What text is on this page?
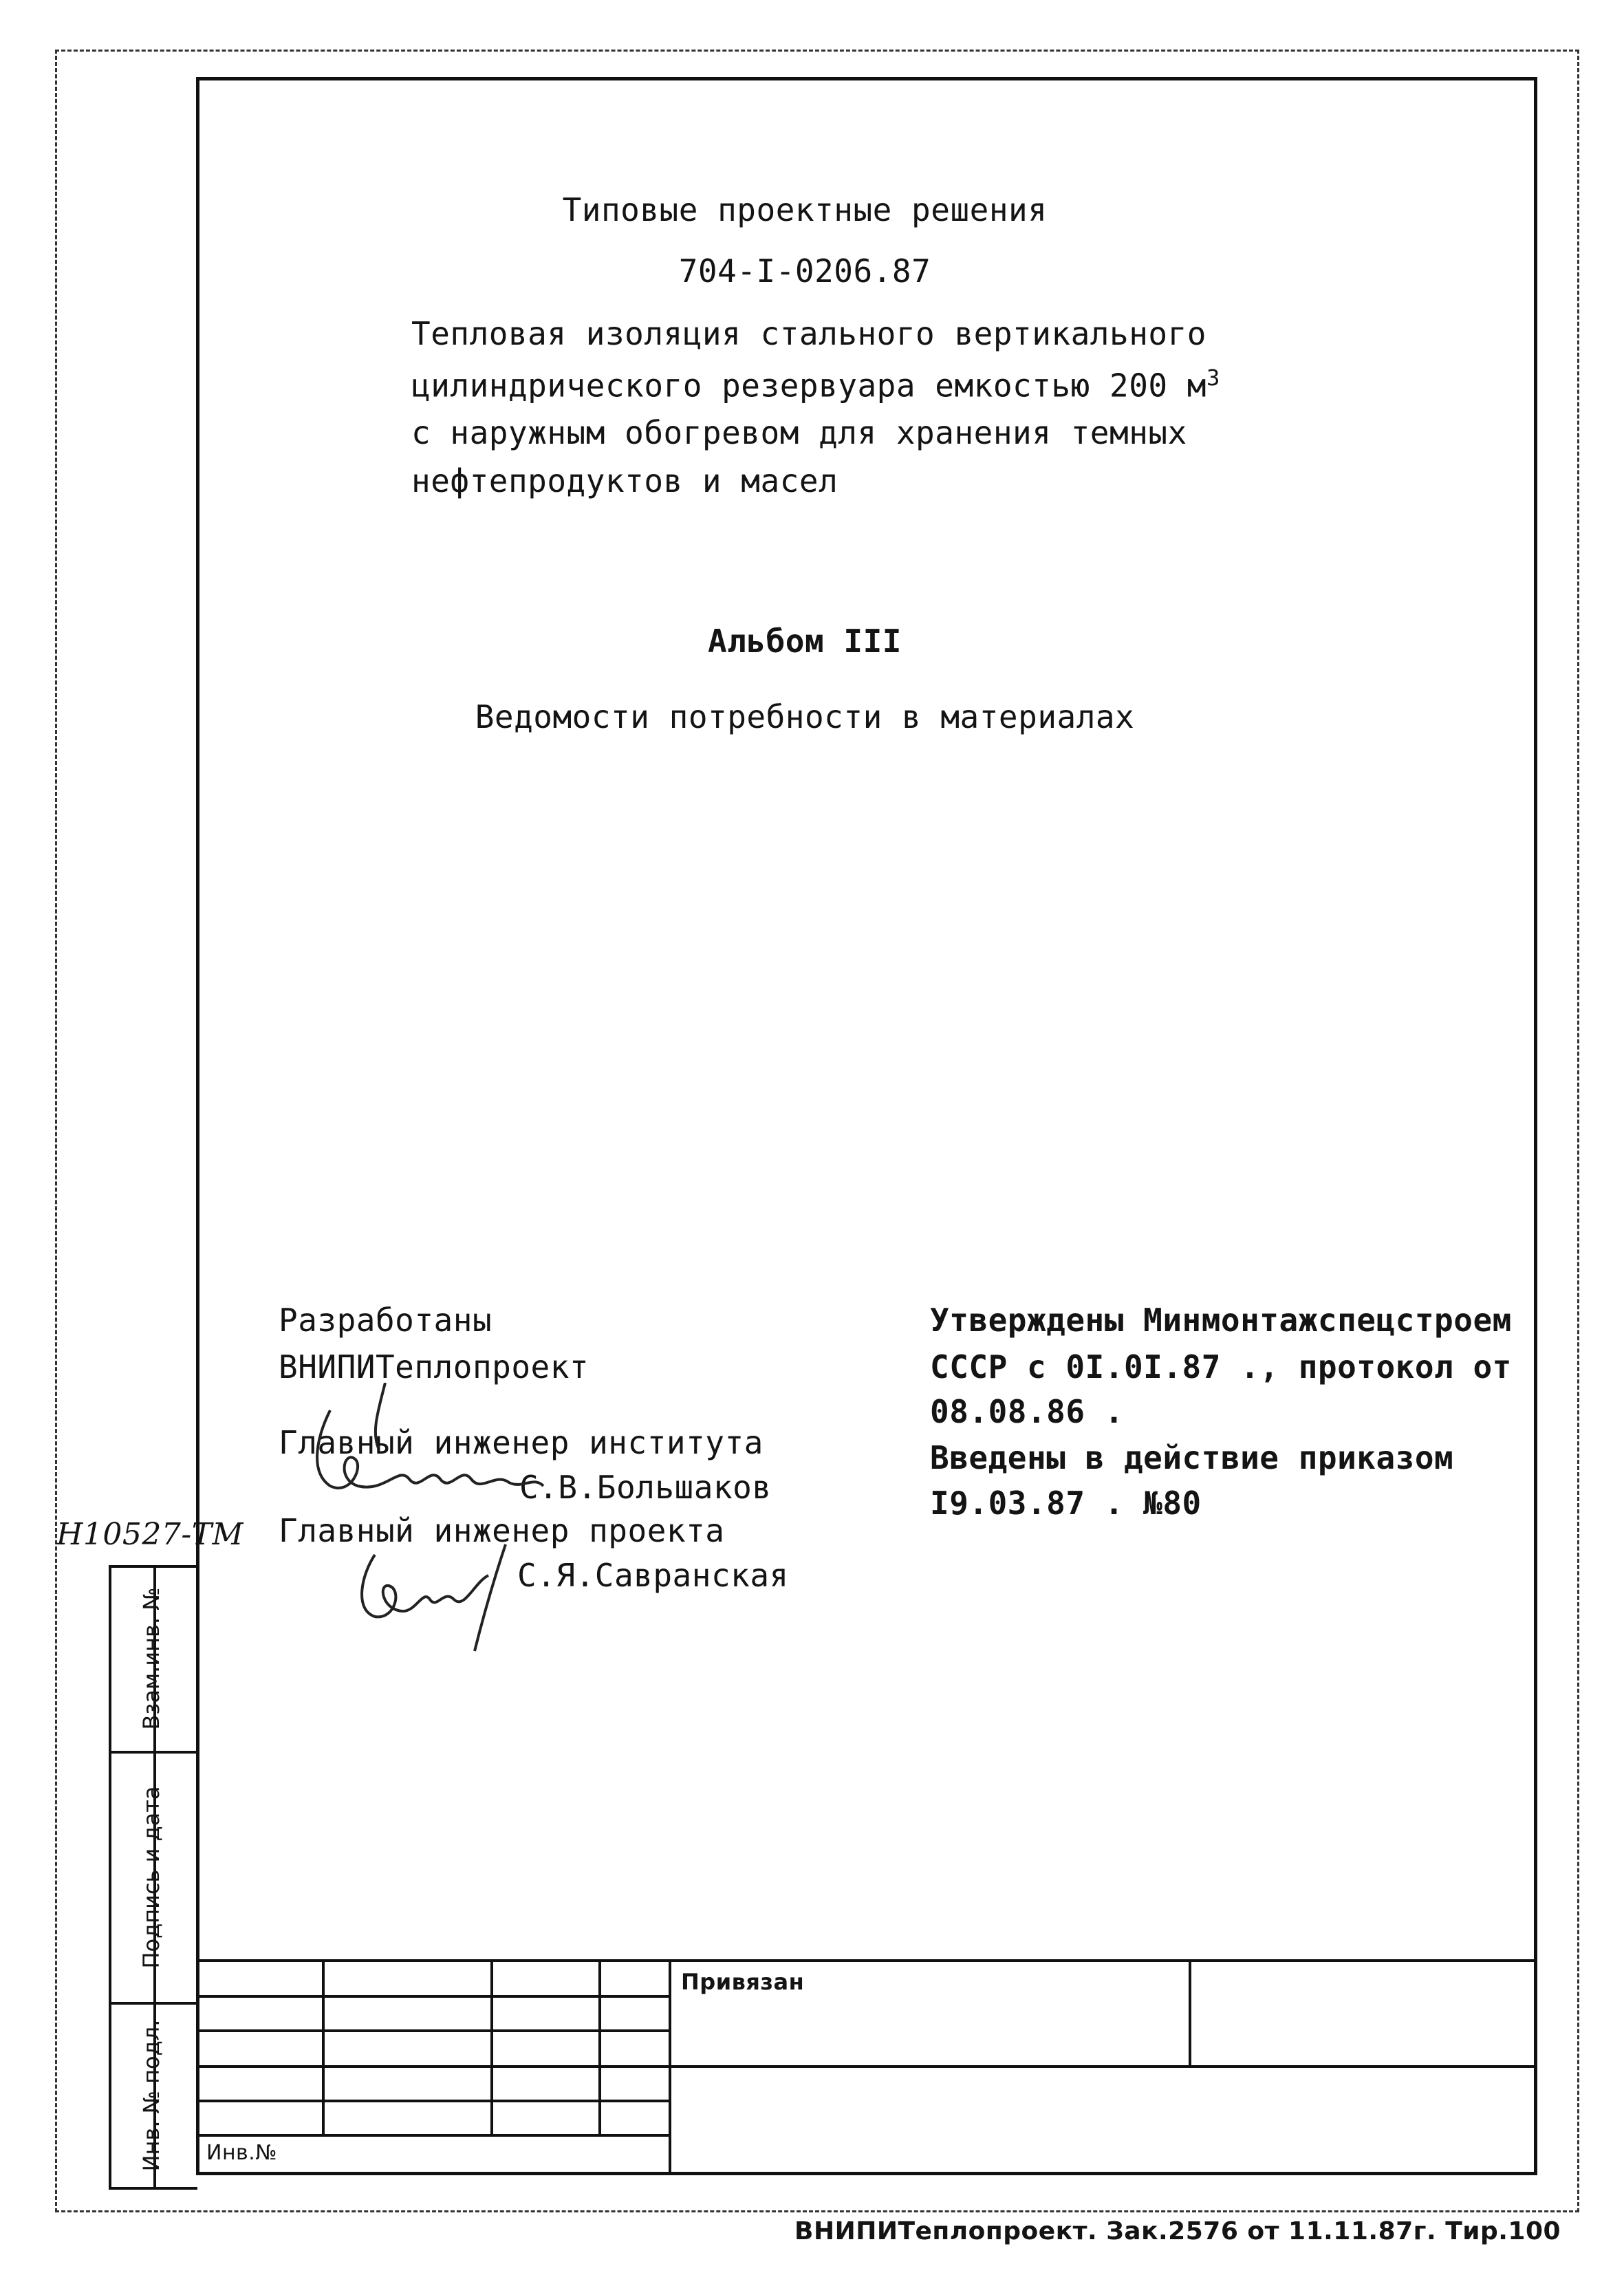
Типовые проектные решения
704-I-0206.87
Тепловая изоляция стального вертикального
цилиндрического резервуара емкостью 200 $м^3$
с наружным обогревом для хранения темных
нефтепродуктов и масел
Альбом III
Ведомости потребности в материалах
Разработаны
ВНИПИТеплопроект
Главный инженер института
С.В.Большаков
Главный инженер проекта
С.Я.Савранская
Утверждены Минмонтажспецстроем
СССР с 0I.0I.87 ., протокол от
08.08.86 .
Введены в действие приказом
I9.03.87 . №80
Н10527-ТМ
Взам.инв. №
Подпись и дата
Инв. № подл.
Привязан
Инв.№
ВНИПИТеплопроект. Зак.2576 от 11.11.87г. Тир.100
